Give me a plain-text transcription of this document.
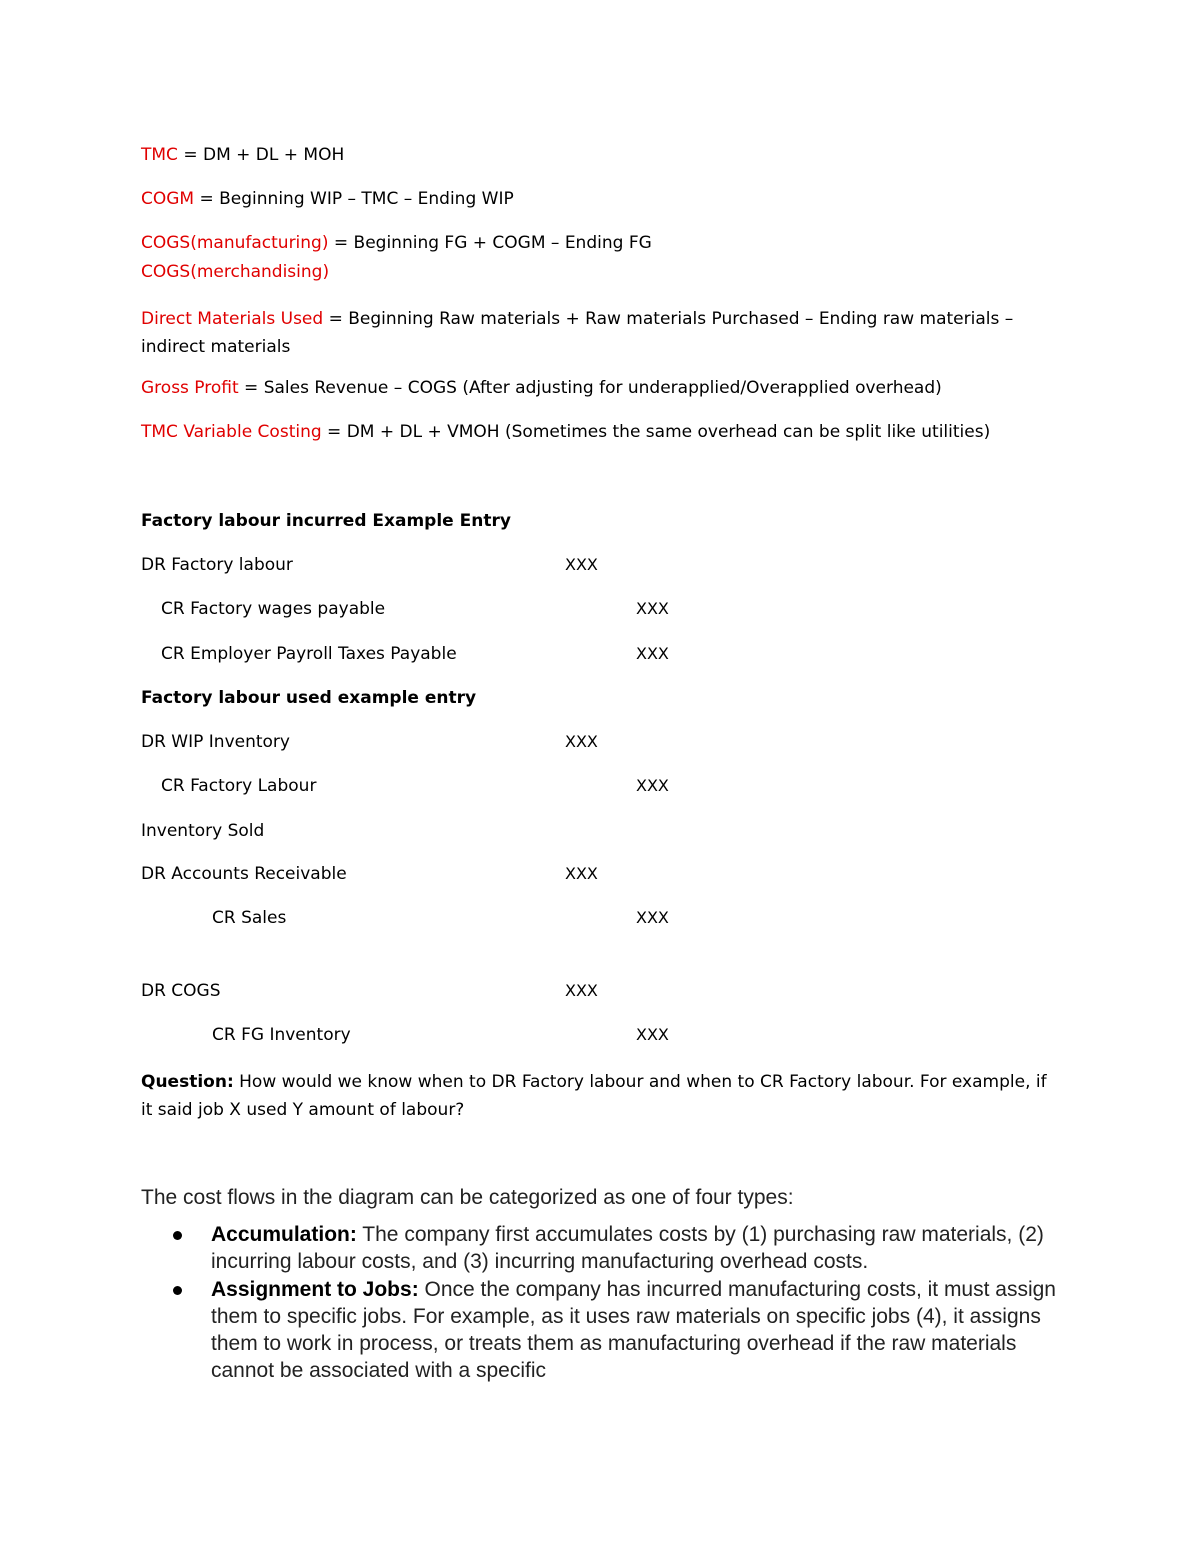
TMC = DM + DL + MOH
COGM = Beginning WIP – TMC – Ending WIP
COGS(manufacturing) = Beginning FG + COGM – Ending FG
COGS(merchandising)
Direct Materials Used = Beginning Raw materials + Raw materials Purchased – Ending raw materials – indirect materials
Gross Profit = Sales Revenue – COGS (After adjusting for underapplied/Overapplied overhead)
TMC Variable Costing = DM + DL + VMOH (Sometimes the same overhead can be split like utilities)
Factory labour incurred Example Entry
DR Factory labour	XXX
CR Factory wages payable	XXX
CR Employer Payroll Taxes Payable	XXX
Factory labour used example entry
DR WIP Inventory	XXX
CR Factory Labour	XXX
Inventory Sold
DR Accounts Receivable	XXX
CR Sales	XXX
DR COGS	XXX
CR FG Inventory	XXX
Question: How would we know when to DR Factory labour and when to CR Factory labour. For example, if it said job X used Y amount of labour?
The cost flows in the diagram can be categorized as one of four types:
Accumulation: The company first accumulates costs by (1) purchasing raw materials, (2) incurring labour costs, and (3) incurring manufacturing overhead costs.
Assignment to Jobs: Once the company has incurred manufacturing costs, it must assign them to specific jobs. For example, as it uses raw materials on specific jobs (4), it assigns them to work in process, or treats them as manufacturing overhead if the raw materials cannot be associated with a specific
